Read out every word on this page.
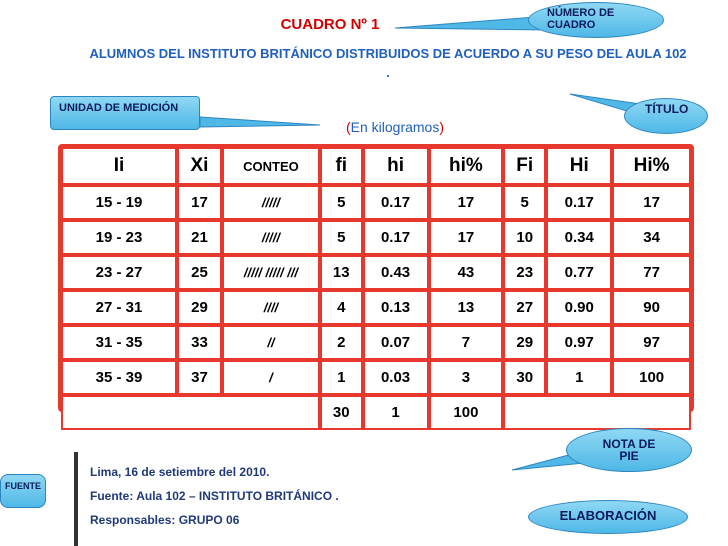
CUADRO Nº 1
ALUMNOS DEL INSTITUTO BRITÁNICO DISTRIBUIDOS DE ACUERDO A SU PESO DEL AULA 102 .
(En kilogramos)
NÚMERO DE CUADRO
UNIDAD DE MEDICIÓN	TÍTULO
Ii	Xi	CONTEO	fi	hi	hi%	Fi	Hi	Hi%
15 - 19	17	/////	5	0.17	17	5	0.17	17
19 - 23	21	/////	5	0.17	17	10	0.34	34
23 - 27	25	///// ///// ///	13	0.43	43	23	0.77	77
27 - 31	29	////	4	0.13	13	27	0.90	90
31 - 35	33	//	2	0.07	7	29	0.97	97
35 - 39	37	/	1	0.03	3	30	1	100
			30	1	100			
NOTA DE PIE
Lima, 16 de setiembre del 2010.
Fuente: Aula 102 – INSTITUTO BRITÁNICO .
Responsables: GRUPO 06
FUENTE
ELABORACIÓN
